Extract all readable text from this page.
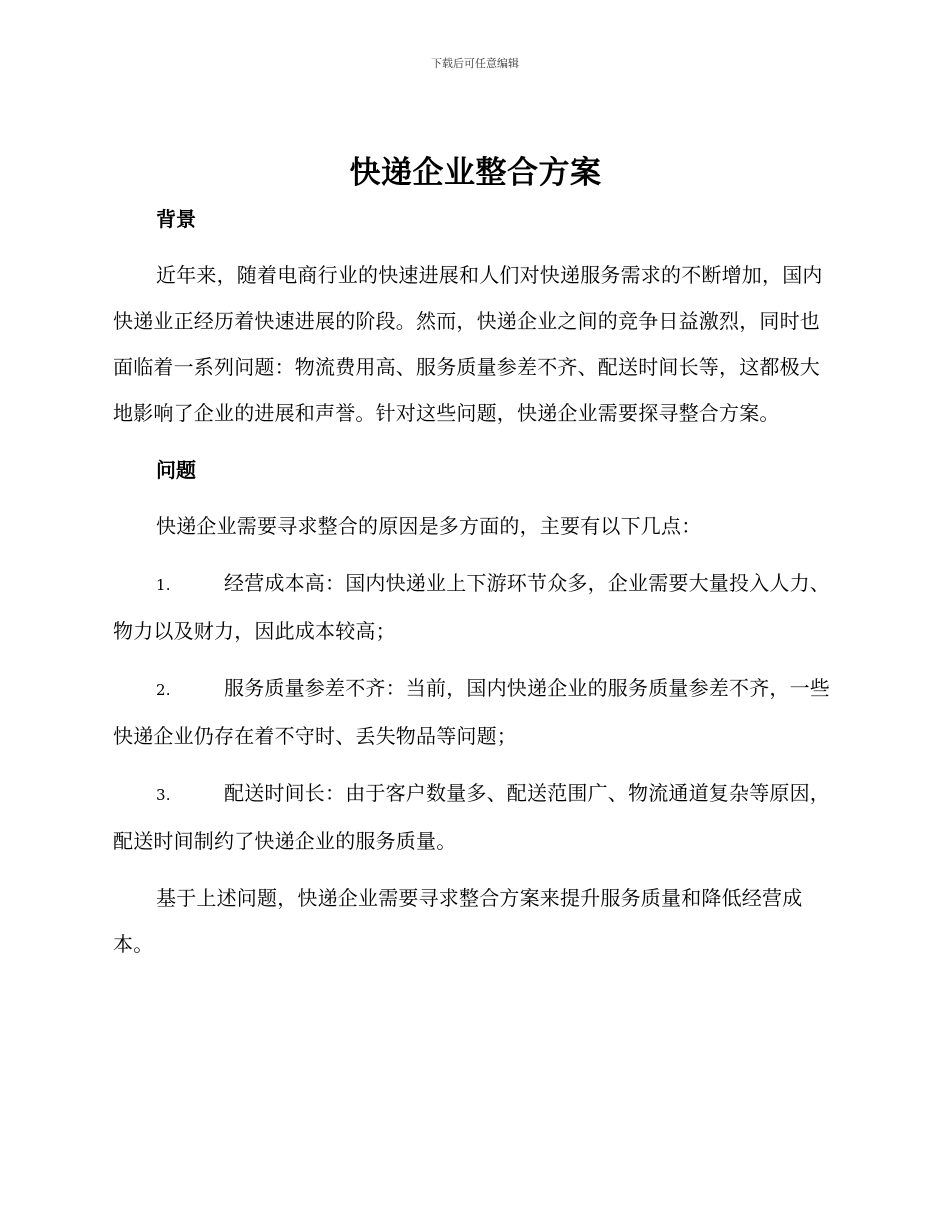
下载后可任意编辑
快递企业整合方案
背景

近年来，随着电商行业的快速进展和人们对快递服务需求的不断增加，国内快递业正经历着快速进展的阶段。然而，快递企业之间的竞争日益激烈，同时也面临着一系列问题：物流费用高、服务质量参差不齐、配送时间长等，这都极大地影响了企业的进展和声誉。针对这些问题，快递企业需要探寻整合方案。

问题

快递企业需要寻求整合的原因是多方面的，主要有以下几点：

1.	经营成本高：国内快递业上下游环节众多，企业需要大量投入人力、物力以及财力，因此成本较高；

2.	服务质量参差不齐：当前，国内快递企业的服务质量参差不齐，一些快递企业仍存在着不守时、丢失物品等问题；

3.	配送时间长：由于客户数量多、配送范围广、物流通道复杂等原因，配送时间制约了快递企业的服务质量。

基于上述问题，快递企业需要寻求整合方案来提升服务质量和降低经营成本。
